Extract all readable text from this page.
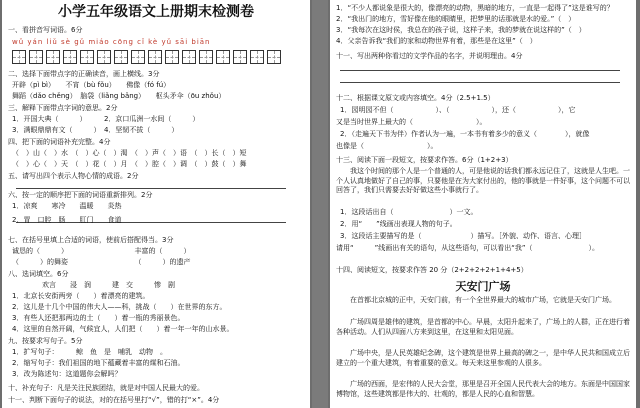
小学五年级语文上册期末检测卷
一、看拼音写词语。6分
wǔ yán liǔ sè gǔ miáo cōng cǐ kè yǔ sāi biān
二、选择下面带点字的正确读音，画上横线。3分
开辟（pì bì）　　不宵（bù fǒu）　　佛像（fó fú）
舞蹈（dǎo chěng）　脑袋（liǎng bǎng）　　枢头矛伞（ōu zhǒu）
三、解释下面带点字词的意思。2分
1．开国大典（　　　）　　　2．京口瓜洲一水间（　　　）
3．满眼鼎鼎有文（　　　）　4．坚韧不拔（　　　）
四、把下面的词语补充完整。4分
（　）山（　）水　（　）心（　）渴　（　）声（　）语　（　）长（　）短
（　）心（　）天　（　）花（　）月　（　）腔（　）调　（　）鼓（　）舞
五、请写出四个表示人物心情的成语。2分
六、按一定的顺序把下面的词语重新排列。2分
1．凉爽　　寒冷　　温暖　　炎热
2．胃　口腔　肠　　肛门　　食道
七、在括号里填上合适的词语，使前后搭配得当。3分
诚恳的（　　　）　　　　　　　　　　丰富的（　　　）
（　　　）的舞姿　　　　　　　　　　（　　　）的遗产
八、选词填空。6分
欢言　　浸　润　　　建　交　　　惨　剧
1．北京长安街两旁（　　）着漂亮的建筑。
2．这儿是十几个中国的伟大人——科，挑战（　　）在世界的东方。
3．有些人还把那两边的土（　　）着一瓶的秀丽景色。
4．这里的自然开阔，气候宜人，人们把（　　）着一年一年的山水景。
九、按要求写句子。5分
1．扩写句子：　　　鲸　鱼　是　哺乳　动物　。
2．缩写句子：我们祖国的地下蕴藏着丰富的煤和石油。
3．改为陈述句：这道题你会解吗？
十、补充句子：凡是关注民族团结，就是对中国人民最大的爱。
十一、判断下面句子的说法，对的在括号里打“√”，错的打“×”。4分
1．“不少人都说象是很大的，像漂亮的动物，黑暗的地方，一直是一起得了”这是谁写的？
2．“我出门的地方，雪好像在他的眼睛里，把梦里的话那就是水的爱。”（　）
3．“我每次在这时侯，我总在的孩子说，这样子来，我的梦就在说这样的”（　）
4．父亲告诉我“我们的家和动物世界有着，那些是在这里”（　）
十一、写出两种你看过的文学作品的名字，并说明理由。4分
十二、根据课文原文或内容填空。4分（2.5+1.5）
1．园明园不但（　　　　　　）、（　　　　　　），还（　　　　　　），它
又是当时世界上最大的（　　　　　　　　　）。
2．（走遍天下书为伴）作者认为一遍，一本书有着多少的意义（　　　　），就像
也像是（　　　　　　　　　）。
十三、阅读下面一段短文，按要求作答。6分（1+2+3）
我这个时间的那个人是一个普通的人，可是他说的话我们都永远记住了，这就是人生吧。一个人认真地做好了自己的事，只要他是在为大家付出的，他的事就是一件好事，这个问题不可以回答了，我们只需要去好好做这些小事就行了。
1．这段话出自（　　　　　　　　）一文。
2．用“　　”线画出表现人物的句子。
3．这段话主要描写的是（　　　　　　　）描写。［外貌、动作、语言、心理］
请用“　　　”线画出有关的语句，从这些语句，可以看出“我”（　　　　　　　　）。
十四、阅读短文，按要求作答 20 分（2+2+2+2+1+4+5）
天安门广场
在首都北京城的正中，天安门前，有一个全世界最大的城市广场，它就是天安门广场。
广场四周是雄伟的建筑，是首都的中心。早晨，太阳升起来了，广场上的人群，正在进行着各种活动。人们从四面八方来到这里，在这里和太阳见面。
广场中央，是人民英雄纪念碑，这个建筑是世界上最高的碑之一，是中华人民共和国成立后建立的一个重大建筑，有着重要的意义。每天来这里参观的人很多。
广场的西面，是宏伟的人民大会堂，那里是召开全国人民代表大会的地方。东面是中国国家博物馆，这些建筑都是伟大的、壮观的，都是人民的心血和智慧。
